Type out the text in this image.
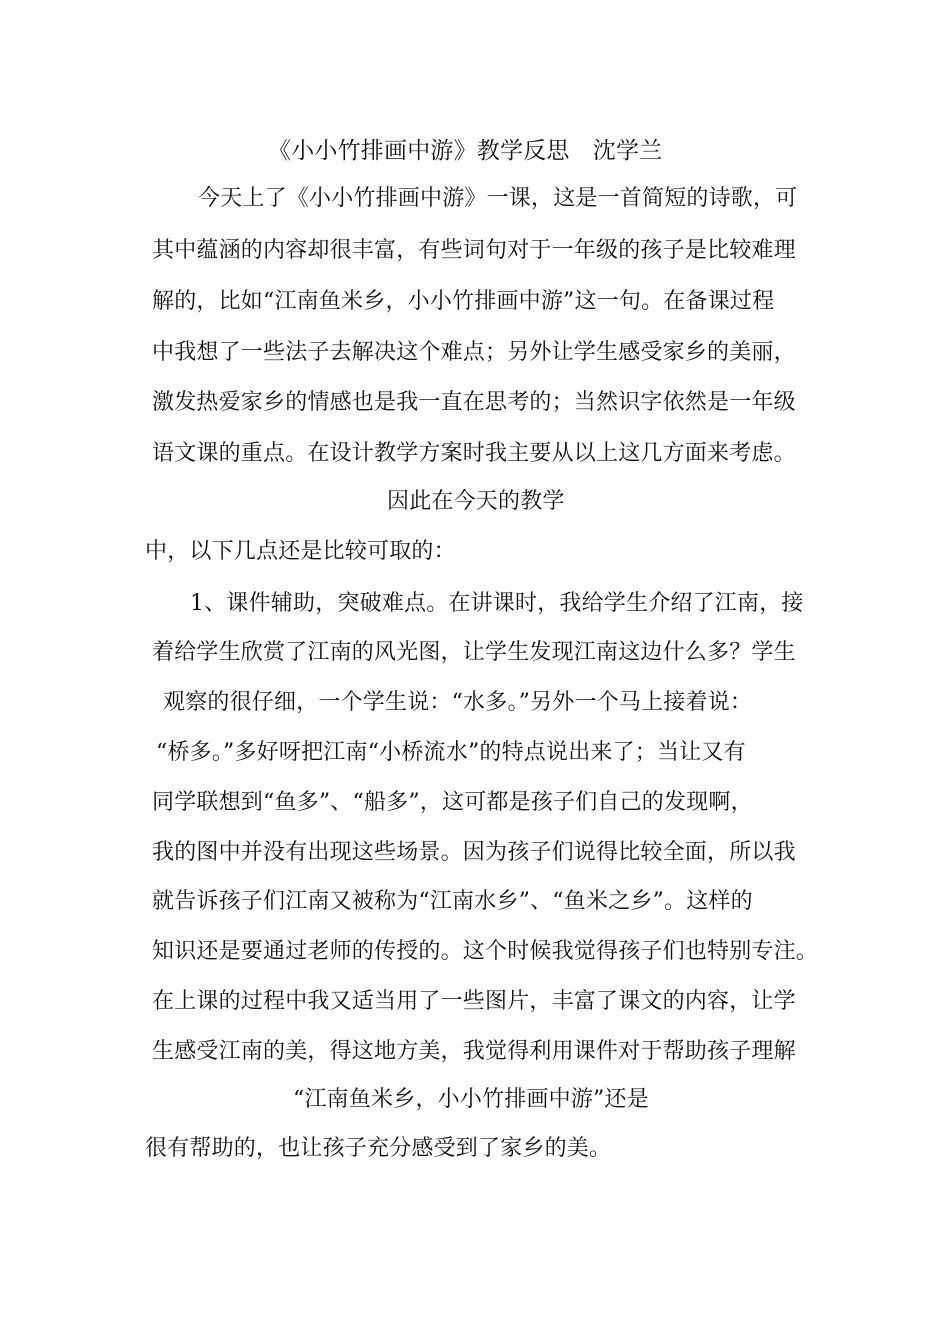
《小小竹排画中游》教学反思　沈学兰
今天上了《小小竹排画中游》一课，这是一首简短的诗歌，可
其中蕴涵的内容却很丰富，有些词句对于一年级的孩子是比较难理
解的，比如“江南鱼米乡，小小竹排画中游”这一句。在备课过程
中我想了一些法子去解决这个难点；另外让学生感受家乡的美丽，
激发热爱家乡的情感也是我一直在思考的；当然识字依然是一年级
语文课的重点。在设计教学方案时我主要从以上这几方面来考虑。
因此在今天的教学
中，以下几点还是比较可取的：
1、课件辅助，突破难点。在讲课时，我给学生介绍了江南，接
着给学生欣赏了江南的风光图，让学生发现江南这边什么多？学生
观察的很仔细，一个学生说：“水多。”另外一个马上接着说：
“桥多。”多好呀把江南“小桥流水”的特点说出来了；当让又有
同学联想到“鱼多”、“船多”，这可都是孩子们自己的发现啊，
我的图中并没有出现这些场景。因为孩子们说得比较全面，所以我
就告诉孩子们江南又被称为“江南水乡”、“鱼米之乡”。这样的
知识还是要通过老师的传授的。这个时候我觉得孩子们也特别专注。
在上课的过程中我又适当用了一些图片，丰富了课文的内容，让学
生感受江南的美，得这地方美，我觉得利用课件对于帮助孩子理解
“江南鱼米乡，小小竹排画中游”还是
很有帮助的，也让孩子充分感受到了家乡的美。
